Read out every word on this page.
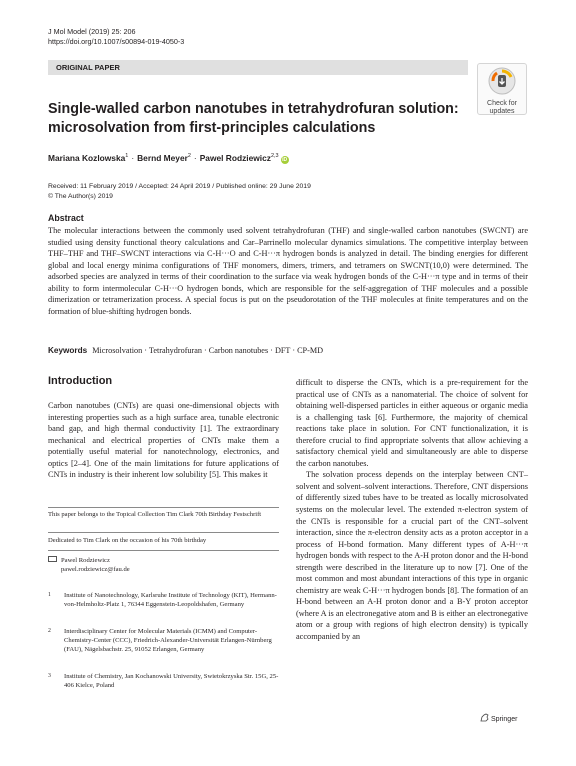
J Mol Model (2019) 25: 206
https://doi.org/10.1007/s00894-019-4050-3
ORIGINAL PAPER
Check for
updates
Single-walled carbon nanotubes in tetrahydrofuran solution: microsolvation from first-principles calculations
Mariana Kozlowska$^1$ · Bernd Meyer$^2$ · Pawel Rodziewicz$^{2,3}$iD
Received: 11 February 2019 / Accepted: 24 April 2019 / Published online: 29 June 2019
© The Author(s) 2019
Abstract
The molecular interactions between the commonly used solvent tetrahydrofuran (THF) and single-walled carbon nanotubes (SWCNT) are studied using density functional theory calculations and Car–Parrinello molecular dynamics simulations. The competitive interplay between THF–THF and THF–SWCNT interactions via C-H···O and C-H···π hydrogen bonds is analyzed in detail. The binding energies for different global and local energy minima configurations of THF monomers, dimers, trimers, and tetramers on SWCNT(10,0) were determined. The adsorbed species are analyzed in terms of their coordination to the surface via weak hydrogen bonds of the C-H···π type and in terms of their ability to form intermolecular C-H···O hydrogen bonds, which are responsible for the self-aggregation of THF molecules and a possible dimerization or tetramerization process. A special focus is put on the pseudorotation of the THF molecules at finite temperatures and on the formation of blue-shifting hydrogen bonds.
Keywords Microsolvation · Tetrahydrofuran · Carbon nanotubes · DFT · CP-MD
Introduction

Carbon nanotubes (CNTs) are quasi one-dimensional objects with interesting properties such as a high surface area, tunable electronic band gap, and high thermal conductivity [1]. The extraordinary mechanical and electrical properties of CNTs make them a potentially useful material for nanotechnology, electronics, and optics [2–4]. One of the main limitations for future applications of CNTs in industry is their inherent low solubility [5]. This makes it

difficult to disperse the CNTs, which is a pre-requirement for the practical use of CNTs as a nanomaterial. The choice of solvent for obtaining well-dispersed particles in either aqueous or organic media is a challenging task [6]. Furthermore, the majority of chemical reactions take place in solution. For CNT functionalization, it is therefore crucial to find appropriate solvents that allow achieving a satisfactory chemical yield and simultaneously are able to disperse the carbon nanotubes.

The solvation process depends on the interplay between CNT–solvent and solvent–solvent interactions. Therefore, CNT dispersions of differently sized tubes have to be treated as locally microsolvated systems on the molecular level. The extended π-electron system of the CNTs is responsible for a crucial part of the CNT–solvent interaction, since the π-electron density acts as a proton acceptor in a process of H-bond formation. Many different types of A-H···π hydrogen bonds with respect to the A-H proton donor and the H-bond strength were described in the literature up to now [7]. One of the most common and most abundant interactions of this type in organic chemistry are weak C-H···π hydrogen bonds [8]. The formation of an H-bond between an A-H proton donor and a B-Y proton acceptor (where A is an electronegative atom and B is either an electronegative atom or a group with regions of high electron density) is typically accompanied by an

This paper belongs to the Topical Collection Tim Clark 70th Birthday Festschrift
Dedicated to Tim Clark on the occasion of his 70th birthday
Pawel Rodziewicz
pawel.rodziewicz@fau.de
1 Institute of Nanotechnology, Karlsruhe Institute of Technology (KIT), Hermann-von-Helmholtz-Platz 1, 76344 Eggenstein-Leopoldshafen, Germany
2 Interdisciplinary Center for Molecular Materials (ICMM) and Computer-Chemistry-Center (CCC), Friedrich-Alexander-Universität Erlangen-Nürnberg (FAU), Nägelsbachstr. 25, 91052 Erlangen, Germany
3 Institute of Chemistry, Jan Kochanowski University, Swietokrzyska Str. 15G, 25-406 Kielce, Poland
Springer
